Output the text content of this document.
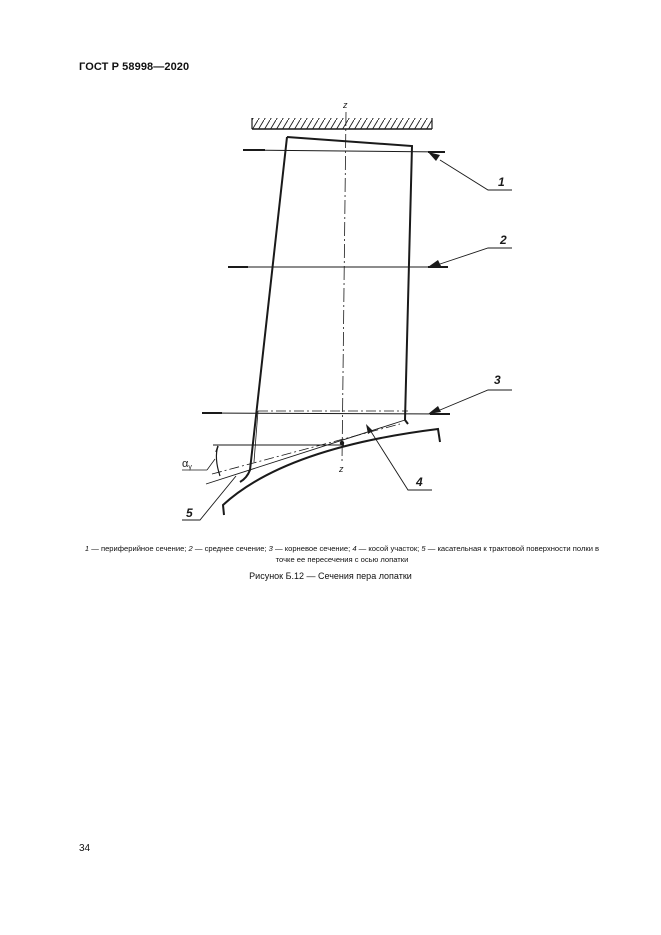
ГОСТ Р 58998—2020
z
z
αγ
1
2
3
4
5
1 — периферийное сечение; 2 — среднее сечение; 3 — корневое сечение; 4 — косой участок; 5 — касательная к трактовой поверхности полки в точке ее пересечения с осью лопатки
Рисунок Б.12 — Сечения пера лопатки
34
